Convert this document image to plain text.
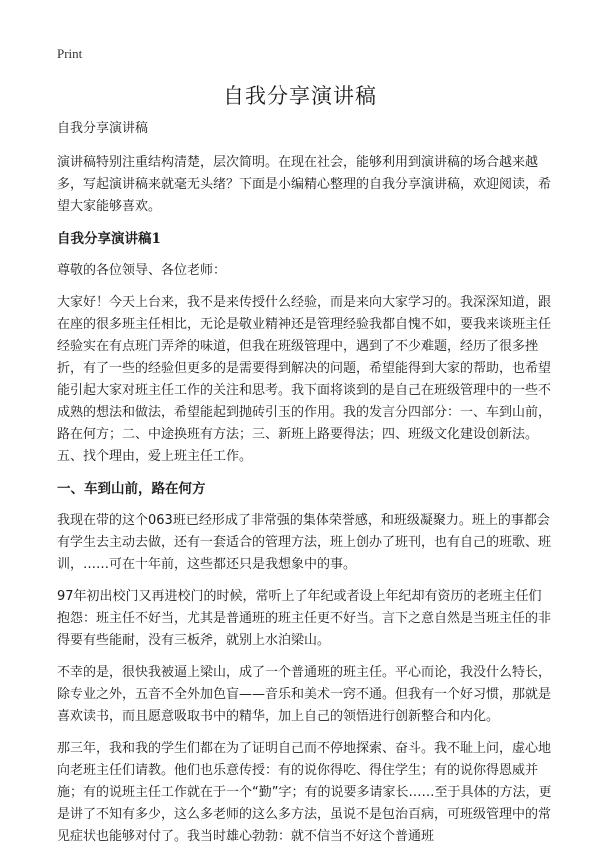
Print
自我分享演讲稿

自我分享演讲稿

演讲稿特别注重结构清楚，层次简明。在现在社会，能够利用到演讲稿的场合越来越多，写起演讲稿来就毫无头绪？下面是小编精心整理的自我分享演讲稿，欢迎阅读，希望大家能够喜欢。

自我分享演讲稿1

尊敬的各位领导、各位老师：

大家好！今天上台来，我不是来传授什么经验，而是来向大家学习的。我深深知道，跟在座的很多班主任相比，无论是敬业精神还是管理经验我都自愧不如，要我来谈班主任经验实在有点班门弄斧的味道，但我在班级管理中，遇到了不少难题，经历了很多挫折，有了一些的经验但更多的是需要得到解决的问题，希望能得到大家的帮助，也希望能引起大家对班主任工作的关注和思考。我下面将谈到的是自己在班级管理中的一些不成熟的想法和做法，希望能起到抛砖引玉的作用。我的发言分四部分：一、车到山前，路在何方；二、中途换班有方法；三、新班上路要得法；四、班级文化建设创新法。五、找个理由，爱上班主任工作。

一、车到山前，路在何方

我现在带的这个063班已经形成了非常强的集体荣誉感，和班级凝聚力。班上的事都会有学生去主动去做，还有一套适合的管理方法，班上创办了班刊，也有自己的班歌、班训，……可在十年前，这些都还只是我想象中的事。

97年初出校门又再进校门的时候，常听上了年纪或者设上年纪却有资历的老班主任们抱怨：班主任不好当，尤其是普通班的班主任更不好当。言下之意自然是当班主任的非得要有些能耐，没有三板斧，就别上水泊梁山。

不幸的是，很快我被逼上梁山，成了一个普通班的班主任。平心而论，我没什么特长，除专业之外，五音不全外加色盲——音乐和美术一窍不通。但我有一个好习惯，那就是喜欢读书，而且愿意吸取书中的精华，加上自己的领悟进行创新整合和内化。

那三年，我和我的学生们都在为了证明自己而不停地探索、奋斗。我不耻上问，虚心地向老班主任们请教。他们也乐意传授：有的说你得吃、得住学生；有的说你得恩威并施；有的说班主任工作就在于一个“勤”字；有的说要多请家长……至于具体的方法，更是讲了不知有多少，这么多老师的这么多方法，虽说不是包治百病，可班级管理中的常见症状也能够对付了。我当时雄心勃勃：就不信当不好这个普通班
